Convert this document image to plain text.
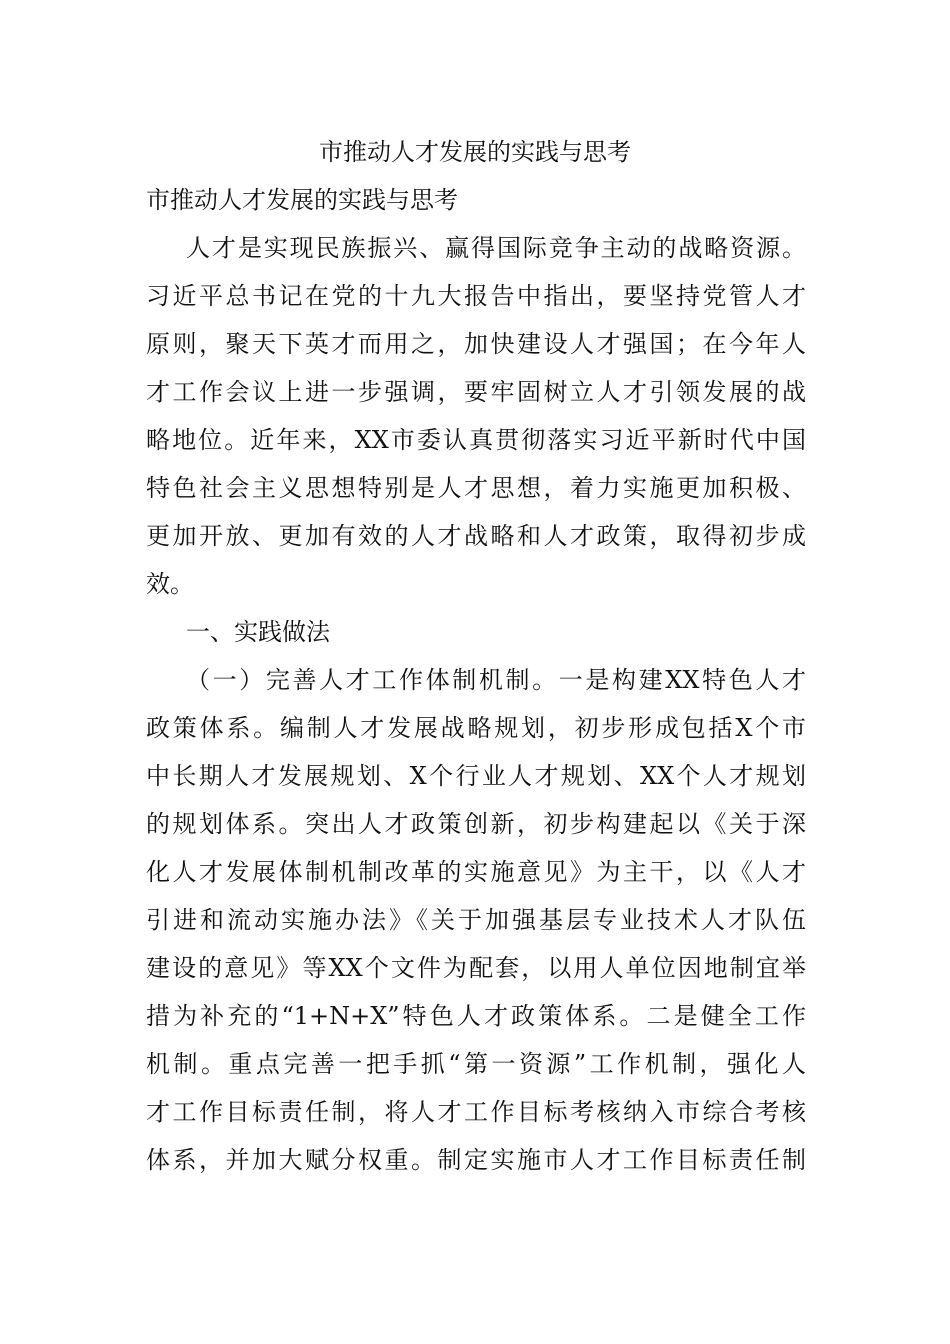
市推动人才发展的实践与思考
市推动人才发展的实践与思考
人才是实现民族振兴、赢得国际竞争主动的战略资源。
习近平总书记在党的十九大报告中指出，要坚持党管人才
原则，聚天下英才而用之，加快建设人才强国；在今年人
才工作会议上进一步强调，要牢固树立人才引领发展的战
略地位。近年来，XX市委认真贯彻落实习近平新时代中国
特色社会主义思想特别是人才思想，着力实施更加积极、
更加开放、更加有效的人才战略和人才政策，取得初步成
效。
一、实践做法
（一）完善人才工作体制机制。一是构建XX特色人才
政策体系。编制人才发展战略规划，初步形成包括X个市
中长期人才发展规划、X个行业人才规划、XX个人才规划
的规划体系。突出人才政策创新，初步构建起以《关于深
化人才发展体制机制改革的实施意见》为主干，以《人才
引进和流动实施办法》《关于加强基层专业技术人才队伍
建设的意见》等XX个文件为配套，以用人单位因地制宜举
措为补充的“1+N+X”特色人才政策体系。二是健全工作
机制。重点完善一把手抓“第一资源”工作机制，强化人
才工作目标责任制，将人才工作目标考核纳入市综合考核
体系，并加大赋分权重。制定实施市人才工作目标责任制
